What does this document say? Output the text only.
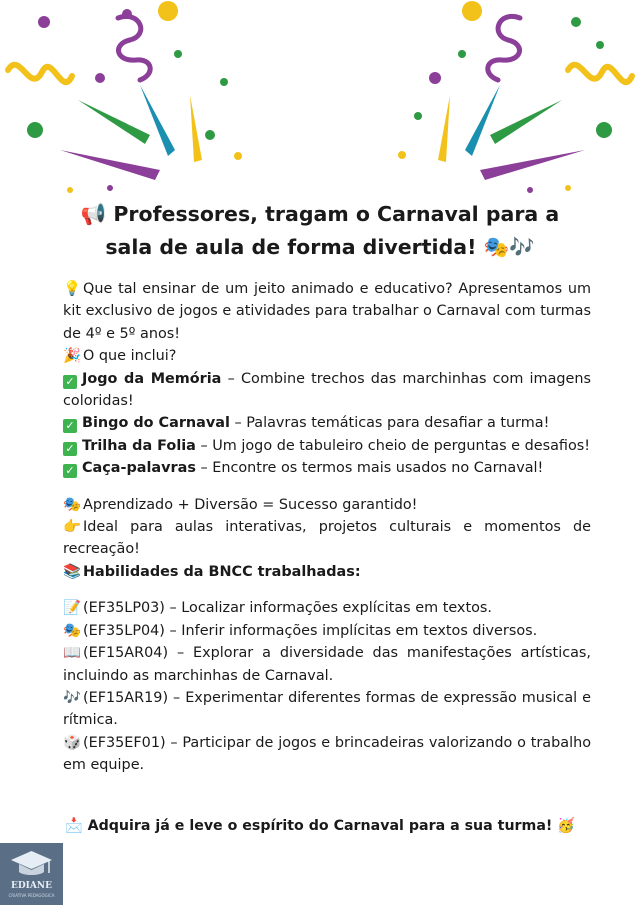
📢 Professores, tragam o Carnaval para a
sala de aula de forma divertida! 🎭🎶

💡 Que tal ensinar de um jeito animado e educativo? Apresentamos um kit exclusivo de jogos e atividades para trabalhar o Carnaval com turmas de 4º e 5º anos!

🎉 O que inclui?

✓ Jogo da Memória – Combine trechos das marchinhas com imagens coloridas!

✓ Bingo do Carnaval – Palavras temáticas para desafiar a turma!

✓ Trilha da Folia – Um jogo de tabuleiro cheio de perguntas e desafios!

✓ Caça-palavras – Encontre os termos mais usados no Carnaval!

🎭 Aprendizado + Diversão = Sucesso garantido!

👉 Ideal para aulas interativas, projetos culturais e momentos de recreação!

📚 Habilidades da BNCC trabalhadas:

📝 (EF35LP03) – Localizar informações explícitas em textos.

🎭 (EF35LP04) – Inferir informações implícitas em textos diversos.

📖 (EF15AR04) – Explorar a diversidade das manifestações artísticas, incluindo as marchinhas de Carnaval.

🎶 (EF15AR19) – Experimentar diferentes formas de expressão musical e rítmica.

🎲 (EF35EF01) – Participar de jogos e brincadeiras valorizando o trabalho em equipe.

📩 Adquira já e leve o espírito do Carnaval para a sua turma! 🥳
EDIANE
CRIATIVA PEDAGÓGICA
